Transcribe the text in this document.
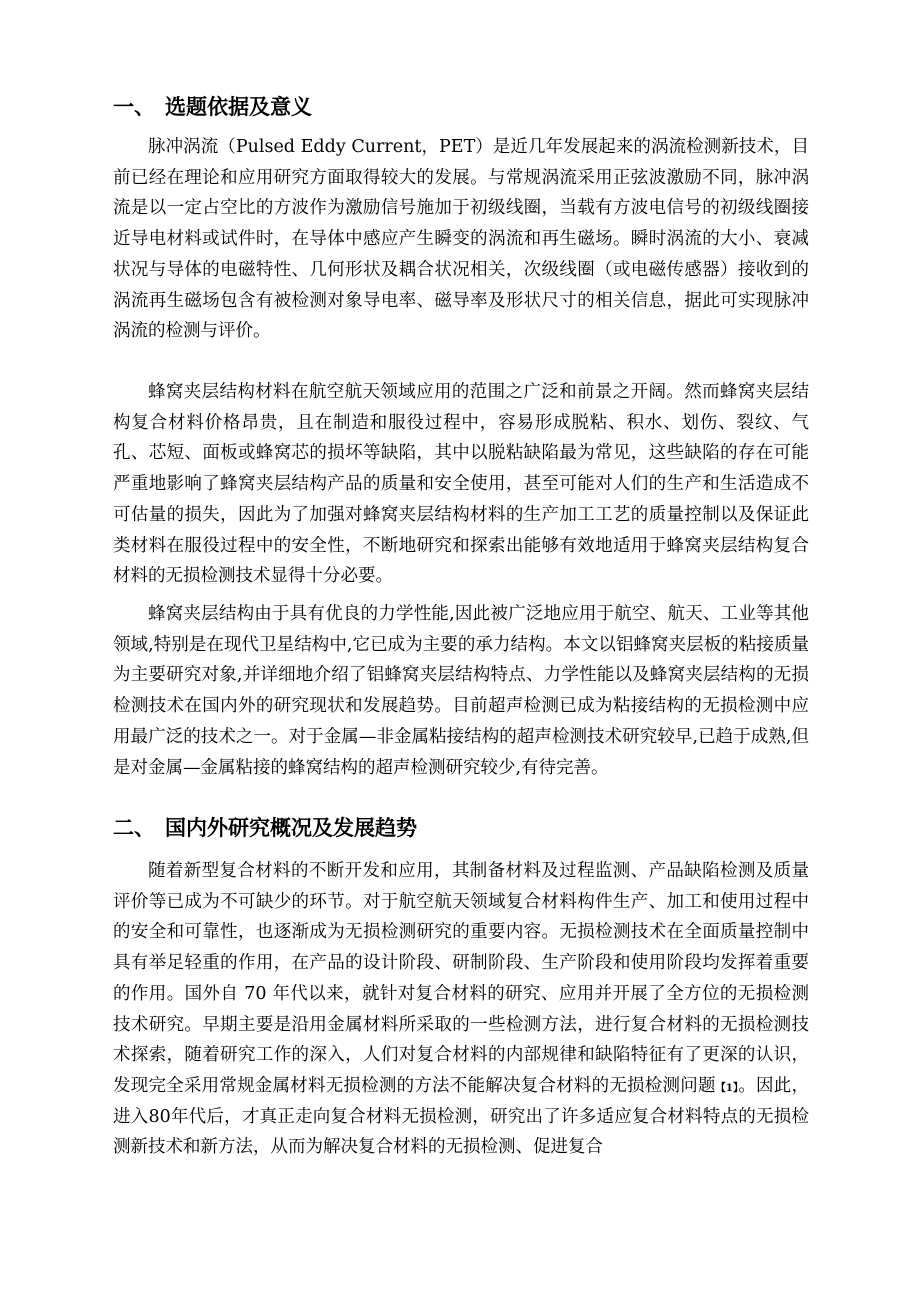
一、 选题依据及意义

脉冲涡流（Pulsed Eddy Current，PET）是近几年发展起来的涡流检测新技术，目前已经在理论和应用研究方面取得较大的发展。与常规涡流采用正弦波激励不同，脉冲涡流是以一定占空比的方波作为激励信号施加于初级线圈，当载有方波电信号的初级线圈接近导电材料或试件时，在导体中感应产生瞬变的涡流和再生磁场。瞬时涡流的大小、衰减状况与导体的电磁特性、几何形状及耦合状况相关，次级线圈（或电磁传感器）接收到的涡流再生磁场包含有被检测对象导电率、磁导率及形状尺寸的相关信息，据此可实现脉冲涡流的检测与评价。

蜂窝夹层结构材料在航空航天领域应用的范围之广泛和前景之开阔。然而蜂窝夹层结构复合材料价格昂贵，且在制造和服役过程中，容易形成脱粘、积水、划伤、裂纹、气孔、芯短、面板或蜂窝芯的损坏等缺陷，其中以脱粘缺陷最为常见，这些缺陷的存在可能严重地影响了蜂窝夹层结构产品的质量和安全使用，甚至可能对人们的生产和生活造成不可估量的损失，因此为了加强对蜂窝夹层结构材料的生产加工工艺的质量控制以及保证此类材料在服役过程中的安全性，不断地研究和探索出能够有效地适用于蜂窝夹层结构复合材料的无损检测技术显得十分必要。

蜂窝夹层结构由于具有优良的力学性能,因此被广泛地应用于航空、航天、工业等其他领域,特别是在现代卫星结构中,它已成为主要的承力结构。本文以铝蜂窝夹层板的粘接质量为主要研究对象,并详细地介绍了铝蜂窝夹层结构特点、力学性能以及蜂窝夹层结构的无损检测技术在国内外的研究现状和发展趋势。目前超声检测已成为粘接结构的无损检测中应用最广泛的技术之一。对于金属—非金属粘接结构的超声检测技术研究较早,已趋于成熟,但是对金属—金属粘接的蜂窝结构的超声检测研究较少,有待完善。

二、 国内外研究概况及发展趋势

随着新型复合材料的不断开发和应用，其制备材料及过程监测、产品缺陷检测及质量评价等已成为不可缺少的环节。对于航空航天领域复合材料构件生产、加工和使用过程中的安全和可靠性，也逐渐成为无损检测研究的重要内容。无损检测技术在全面质量控制中具有举足轻重的作用，在产品的设计阶段、研制阶段、生产阶段和使用阶段均发挥着重要的作用。国外自 70 年代以来，就针对复合材料的研究、应用并开展了全方位的无损检测技术研究。早期主要是沿用金属材料所采取的一些检测方法，进行复合材料的无损检测技术探索，随着研究工作的深入，人们对复合材料的内部规律和缺陷特征有了更深的认识，发现完全采用常规金属材料无损检测的方法不能解决复合材料的无损检测问题【1】。因此，进入80年代后，才真正走向复合材料无损检测，研究出了许多适应复合材料特点的无损检测新技术和新方法，从而为解决复合材料的无损检测、促进复合
